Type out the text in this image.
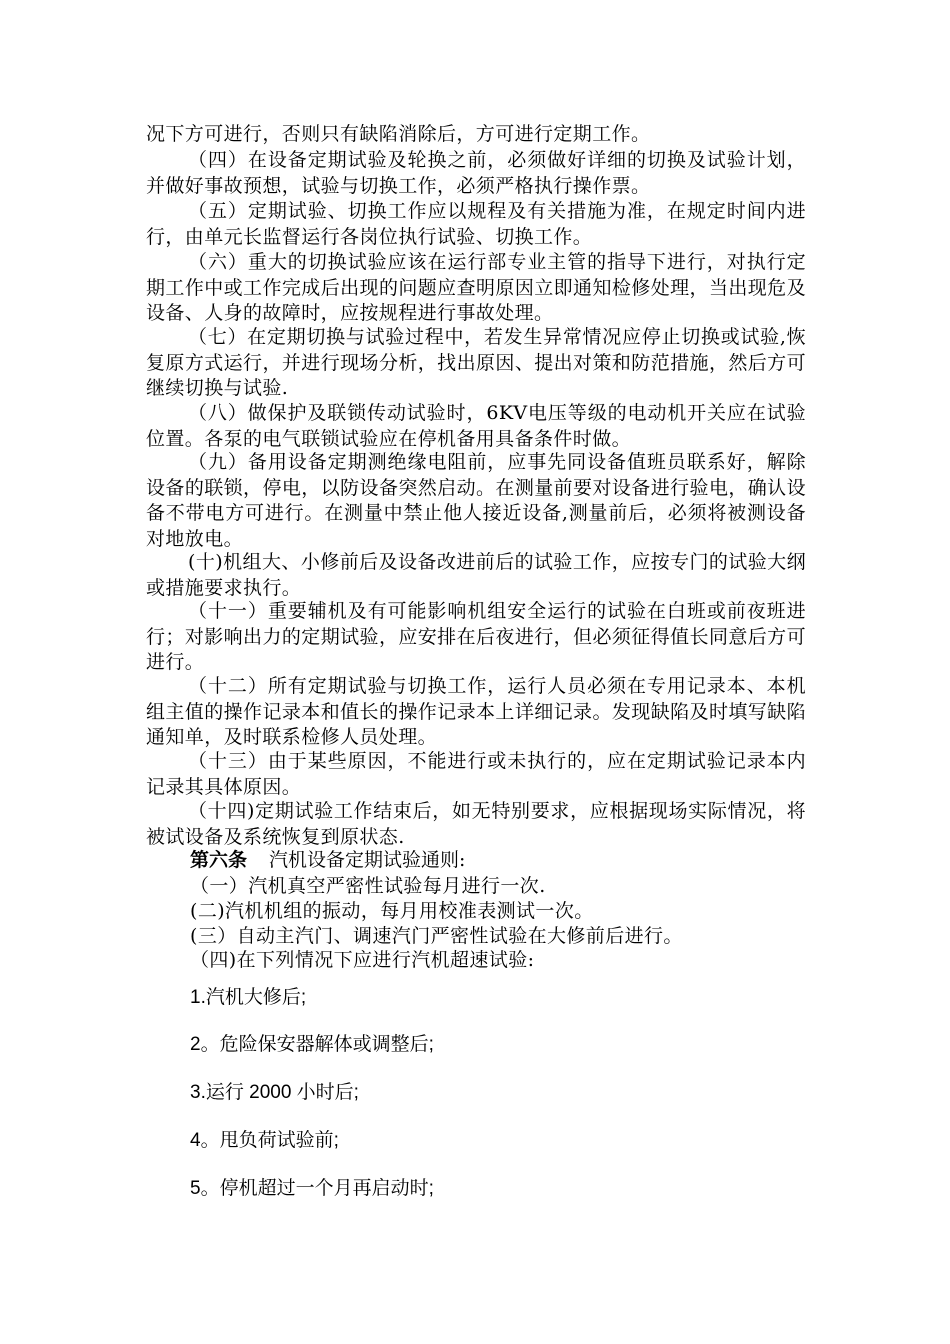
况下方可进行，否则只有缺陷消除后，方可进行定期工作。

（四）在设备定期试验及轮换之前，必须做好详细的切换及试验计划，并做好事故预想，试验与切换工作，必须严格执行操作票。

（五）定期试验、切换工作应以规程及有关措施为准，在规定时间内进行，由单元长监督运行各岗位执行试验、切换工作。

（六）重大的切换试验应该在运行部专业主管的指导下进行，对执行定期工作中或工作完成后出现的问题应查明原因立即通知检修处理，当出现危及设备、人身的故障时，应按规程进行事故处理。

（七）在定期切换与试验过程中，若发生异常情况应停止切换或试验,恢复原方式运行，并进行现场分析，找出原因、提出对策和防范措施，然后方可继续切换与试验.

（八）做保护及联锁传动试验时，6KV电压等级的电动机开关应在试验位置。各泵的电气联锁试验应在停机备用具备条件时做。

（九）备用设备定期测绝缘电阻前，应事先同设备值班员联系好，解除设备的联锁，停电，以防设备突然启动。在测量前要对设备进行验电，确认设备不带电方可进行。在测量中禁止他人接近设备,测量前后，必须将被测设备对地放电。

(十)机组大、小修前后及设备改进前后的试验工作，应按专门的试验大纲或措施要求执行。

（十一）重要辅机及有可能影响机组安全运行的试验在白班或前夜班进行；对影响出力的定期试验，应安排在后夜进行，但必须征得值长同意后方可进行。

（十二）所有定期试验与切换工作，运行人员必须在专用记录本、本机组主值的操作记录本和值长的操作记录本上详细记录。发现缺陷及时填写缺陷通知单，及时联系检修人员处理。

（十三）由于某些原因，不能进行或未执行的，应在定期试验记录本内记录其具体原因。

（十四)定期试验工作结束后，如无特别要求，应根据现场实际情况，将被试设备及系统恢复到原状态.

第六条 汽机设备定期试验通则:

（一）汽机真空严密性试验每月进行一次.

(二)汽机机组的振动，每月用校准表测试一次。

(三）自动主汽门、调速汽门严密性试验在大修前后进行。

（四)在下列情况下应进行汽机超速试验:

1.汽机大修后;

2。危险保安器解体或调整后;

3.运行 2000 小时后;

4。甩负荷试验前;

5。停机超过一个月再启动时;
